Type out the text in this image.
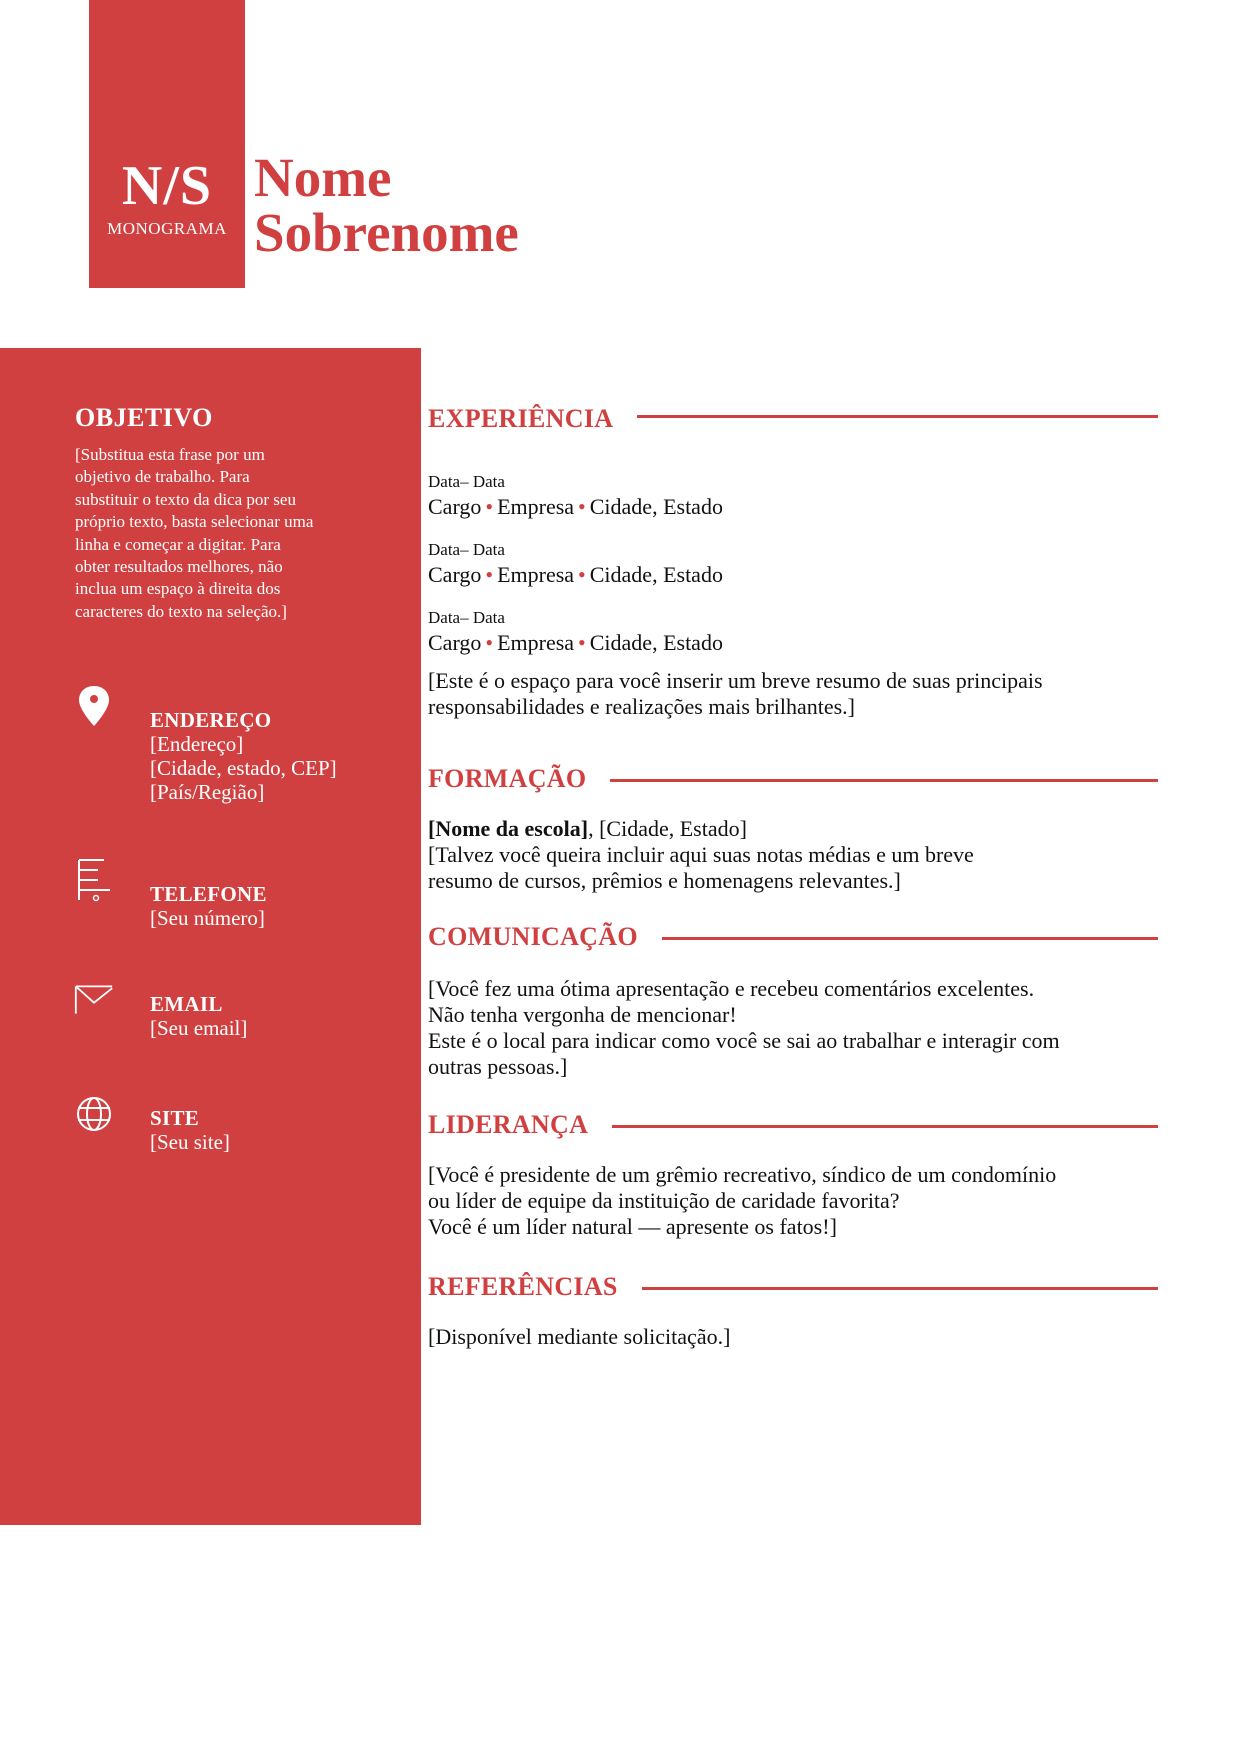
N/S
MONOGRAMA
Nome
Sobrenome
OBJETIVO
[Substitua esta frase por um objetivo de trabalho. Para substituir o texto da dica por seu próprio texto, basta selecionar uma linha e começar a digitar. Para obter resultados melhores, não inclua um espaço à direita dos caracteres do texto na seleção.]
ENDEREÇO
[Endereço]
[Cidade, estado, CEP]
[País/Região]
TELEFONE
[Seu número]
EMAIL
[Seu email]
SITE
[Seu site]
EXPERIÊNCIA
Data– Data
Cargo • Empresa • Cidade, Estado
Data– Data
Cargo • Empresa • Cidade, Estado
Data– Data
Cargo • Empresa • Cidade, Estado
[Este é o espaço para você inserir um breve resumo de suas principais
responsabilidades e realizações mais brilhantes.]
FORMAÇÃO
[Nome da escola], [Cidade, Estado]
[Talvez você queira incluir aqui suas notas médias e um breve
resumo de cursos, prêmios e homenagens relevantes.]
COMUNICAÇÃO
[Você fez uma ótima apresentação e recebeu comentários excelentes.
Não tenha vergonha de mencionar!
Este é o local para indicar como você se sai ao trabalhar e interagir com
outras pessoas.]
LIDERANÇA
[Você é presidente de um grêmio recreativo, síndico de um condomínio
ou líder de equipe da instituição de caridade favorita?
Você é um líder natural — apresente os fatos!]
REFERÊNCIAS
[Disponível mediante solicitação.]
